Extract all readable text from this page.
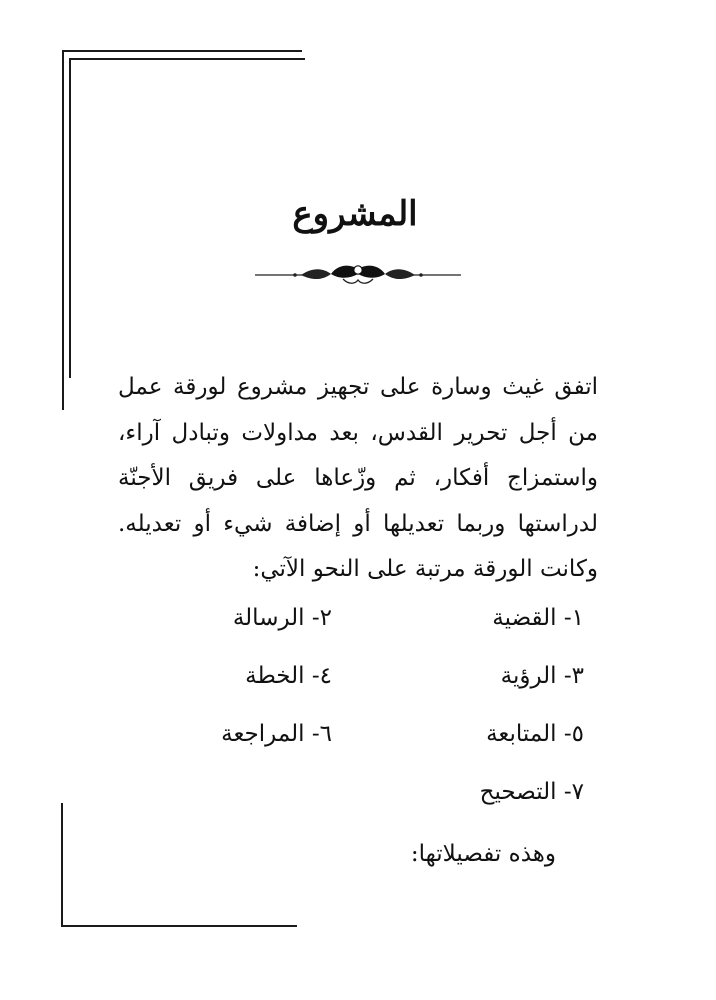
المشروع

اتفق غيث وسارة على تجهيز مشروع لورقة عمل من أجل تحرير القدس، بعد مداولات وتبادل آراء، واستمزاج أفكار، ثم وزّعاها على فريق الأجنّة لدراستها وربما تعديلها أو إضافة شيء أو تعديله. وكانت الورقة مرتبة على النحو الآتي:

١- القضية
٢- الرسالة
٣- الرؤية
٤- الخطة
٥- المتابعة
٦- المراجعة
٧- التصحيح
وهذه تفصيلاتها:
